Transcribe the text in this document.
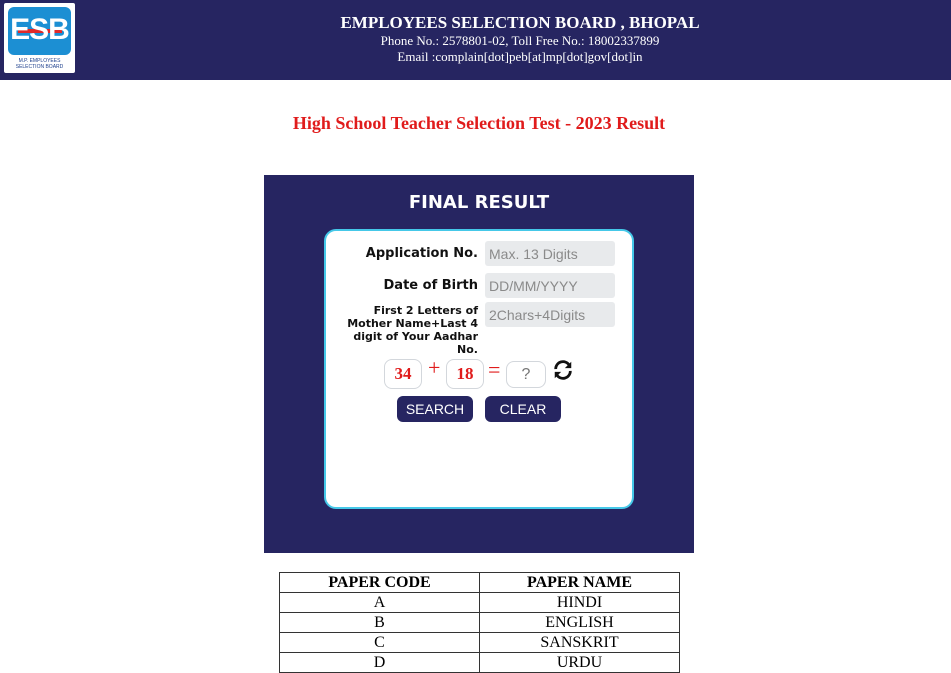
ESB
M.P. EMPLOYEES SELECTION BOARD
EMPLOYEES SELECTION BOARD , BHOPAL
Phone No.: 2578801-02, Toll Free No.: 18002337899
Email :complain[dot]peb[at]mp[dot]gov[dot]in
High School Teacher Selection Test - 2023 Result
FINAL RESULT
Application No.
Max. 13 Digits
Date of Birth
DD/MM/YYYY
First 2 Letters of Mother Name+Last 4 digit of Your Aadhar No.
2Chars+4Digits
34 + 18 =
?
SEARCH	CLEAR
PAPER CODE	PAPER NAME
A	HINDI
B	ENGLISH
C	SANSKRIT
D	URDU
